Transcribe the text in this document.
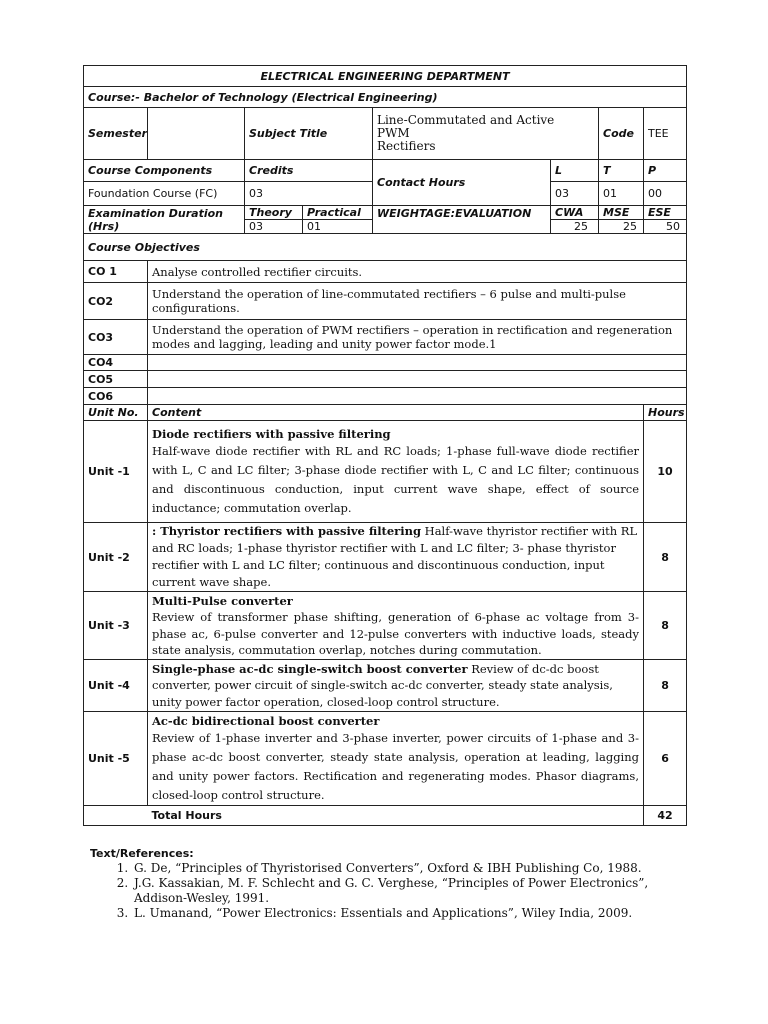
ELECTRICAL ENGINEERING DEPARTMENT							
Course:- Bachelor of Technology (Electrical Engineering)							
Semester		Subject Title		Line-Commutated and Active
PWM
Rectifiers		Code	TEE
Course Components		Credits		Contact Hours	L	T	P
Foundation Course (FC)		03			03	01	00
Examination Duration (Hrs)		Theory	Practical	WEIGHTAGE:EVALUATION	CWA	MSE	ESE
		03	01		25	25	50
Course Objectives							
CO 1	Analyse controlled rectifier circuits.						
CO2	Understand the operation of line-commutated rectifiers – 6 pulse and multi-pulse configurations.						
CO3	Understand the operation of PWM rectifiers – operation in rectification and regeneration modes and lagging, leading and unity power factor mode.1						
CO4							
CO5							
CO6							
Unit No.	Content						Hours
Unit -1	Diode rectifiers with passive filtering
Half-wave diode rectifier with RL and RC loads; 1-phase full-wave diode rectifier with L, C and LC filter; 3-phase diode rectifier with L, C and LC filter; continuous and discontinuous conduction, input current wave shape, effect of source inductance; commutation overlap.						10
Unit -2	: Thyristor rectifiers with passive filtering Half-wave thyristor rectifier with RL and RC loads; 1-phase thyristor rectifier with L and LC filter; 3- phase thyristor rectifier with L and LC filter; continuous and discontinuous conduction, input current wave shape.						8
Unit -3	Multi-Pulse converter
Review of transformer phase shifting, generation of 6-phase ac voltage from 3-phase ac, 6-pulse converter and 12-pulse converters with inductive loads, steady state analysis, commutation overlap, notches during commutation.						8
Unit -4	Single-phase ac-dc single-switch boost converter Review of dc-dc boost converter, power circuit of single-switch ac-dc converter, steady state analysis, unity power factor operation, closed-loop control structure.						8
Unit -5	Ac-dc bidirectional boost converter
Review of 1-phase inverter and 3-phase inverter, power circuits of 1-phase and 3-phase ac-dc boost converter, steady state analysis, operation at leading, lagging and unity power factors. Rectification and regenerating modes. Phasor diagrams, closed-loop control structure.						6
	Total Hours						42
Text/References:
1. G. De, “Principles of Thyristorised Converters”, Oxford & IBH Publishing Co, 1988.
2. J.G. Kassakian, M. F. Schlecht and G. C. Verghese, “Principles of Power Electronics”, Addison-Wesley, 1991.
3. L. Umanand, “Power Electronics: Essentials and Applications”, Wiley India, 2009.
